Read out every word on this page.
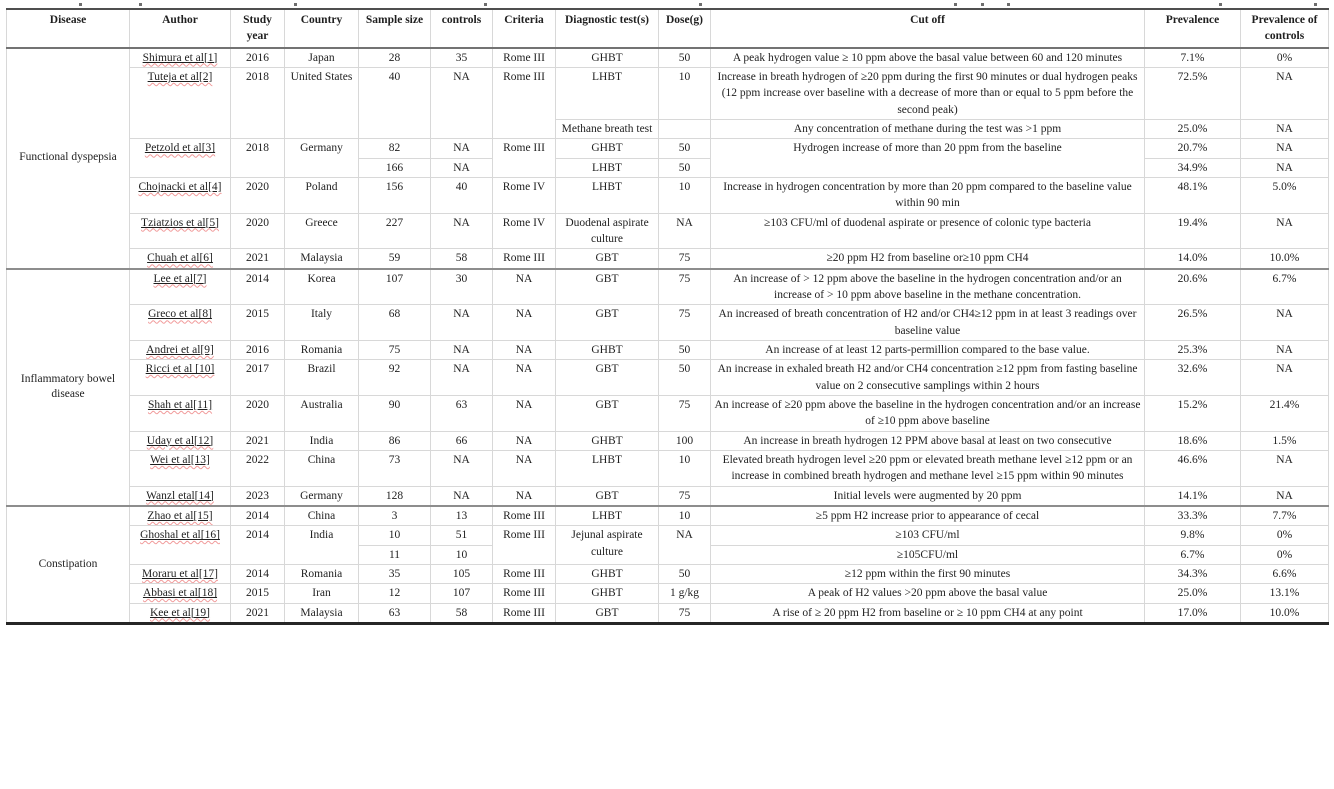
Disease	Author	Study year	Country	Sample size	controls	Criteria	Diagnostic test(s)	Dose(g)	Cut off	Prevalence	Prevalence of controls
Functional dyspepsia	Shimura et al[1]	2016	Japan	28	35	Rome III	GHBT	50	A peak hydrogen value ≥ 10 ppm above the basal value between 60 and 120 minutes	7.1%	0%
	Tuteja et al[2]	2018	United States	40	NA	Rome III	LHBT	10	Increase in breath hydrogen of ≥20 ppm during the first 90 minutes or dual hydrogen peaks (12 ppm increase over baseline with a decrease of more than or equal to 5 ppm before the second peak)	72.5%	NA
							Methane breath test		Any concentration of methane during the test was >1 ppm	25.0%	NA
	Petzold et al[3]	2018	Germany	82	NA	Rome III	GHBT	50	Hydrogen increase of more than 20 ppm from the baseline	20.7%	NA
				166	NA		LHBT	50		34.9%	NA
	Chojnacki et al[4]	2020	Poland	156	40	Rome IV	LHBT	10	Increase in hydrogen concentration by more than 20 ppm compared to the baseline value within 90 min	48.1%	5.0%
	Tziatzios et al[5]	2020	Greece	227	NA	Rome IV	Duodenal aspirate culture	NA	≥103 CFU/ml of duodenal aspirate or presence of colonic type bacteria	19.4%	NA
	Chuah et al[6]	2021	Malaysia	59	58	Rome III	GBT	75	≥20 ppm H2 from baseline or≥10 ppm CH4	14.0%	10.0%
Inflammatory bowel disease	Lee et al[7]	2014	Korea	107	30	NA	GBT	75	An increase of > 12 ppm above the baseline in the hydrogen concentration and/or an increase of > 10 ppm above baseline in the methane concentration.	20.6%	6.7%
	Greco et al[8]	2015	Italy	68	NA	NA	GBT	75	An increased of breath concentration of H2 and/or CH4≥12 ppm in at least 3 readings over baseline value	26.5%	NA
	Andrei et al[9]	2016	Romania	75	NA	NA	GHBT	50	An increase of at least 12 parts-permillion compared to the base value.	25.3%	NA
	Ricci et al [10]	2017	Brazil	92	NA	NA	GBT	50	An increase in exhaled breath H2 and/or CH4 concentration ≥12 ppm from fasting baseline value on 2 consecutive samplings within 2 hours	32.6%	NA
	Shah et al[11]	2020	Australia	90	63	NA	GBT	75	An increase of ≥20 ppm above the baseline in the hydrogen concentration and/or an increase of ≥10 ppm above baseline	15.2%	21.4%
	Uday et al[12]	2021	India	86	66	NA	GHBT	100	An increase in breath hydrogen 12 PPM above basal at least on two consecutive	18.6%	1.5%
	Wei et al[13]	2022	China	73	NA	NA	LHBT	10	Elevated breath hydrogen level ≥20 ppm or elevated breath methane level ≥12 ppm or an increase in combined breath hydrogen and methane level ≥15 ppm within 90 minutes	46.6%	NA
	Wanzl etal[14]	2023	Germany	128	NA	NA	GBT	75	Initial levels were augmented by 20 ppm	14.1%	NA
Constipation	Zhao et al[15]	2014	China	3	13	Rome III	LHBT	10	≥5 ppm H2 increase prior to appearance of cecal	33.3%	7.7%
	Ghoshal et al[16]	2014	India	10	51	Rome III	Jejunal aspirate culture	NA	≥103 CFU/ml	9.8%	0%
				11	10				≥105CFU/ml	6.7%	0%
	Moraru et al[17]	2014	Romania	35	105	Rome III	GHBT	50	≥12 ppm within the first 90 minutes	34.3%	6.6%
	Abbasi et al[18]	2015	Iran	12	107	Rome III	GHBT	1 g/kg	A peak of H2 values >20 ppm above the basal value	25.0%	13.1%
	Kee et al[19]	2021	Malaysia	63	58	Rome III	GBT	75	A rise of ≥ 20 ppm H2 from baseline or ≥ 10 ppm CH4 at any point	17.0%	10.0%
